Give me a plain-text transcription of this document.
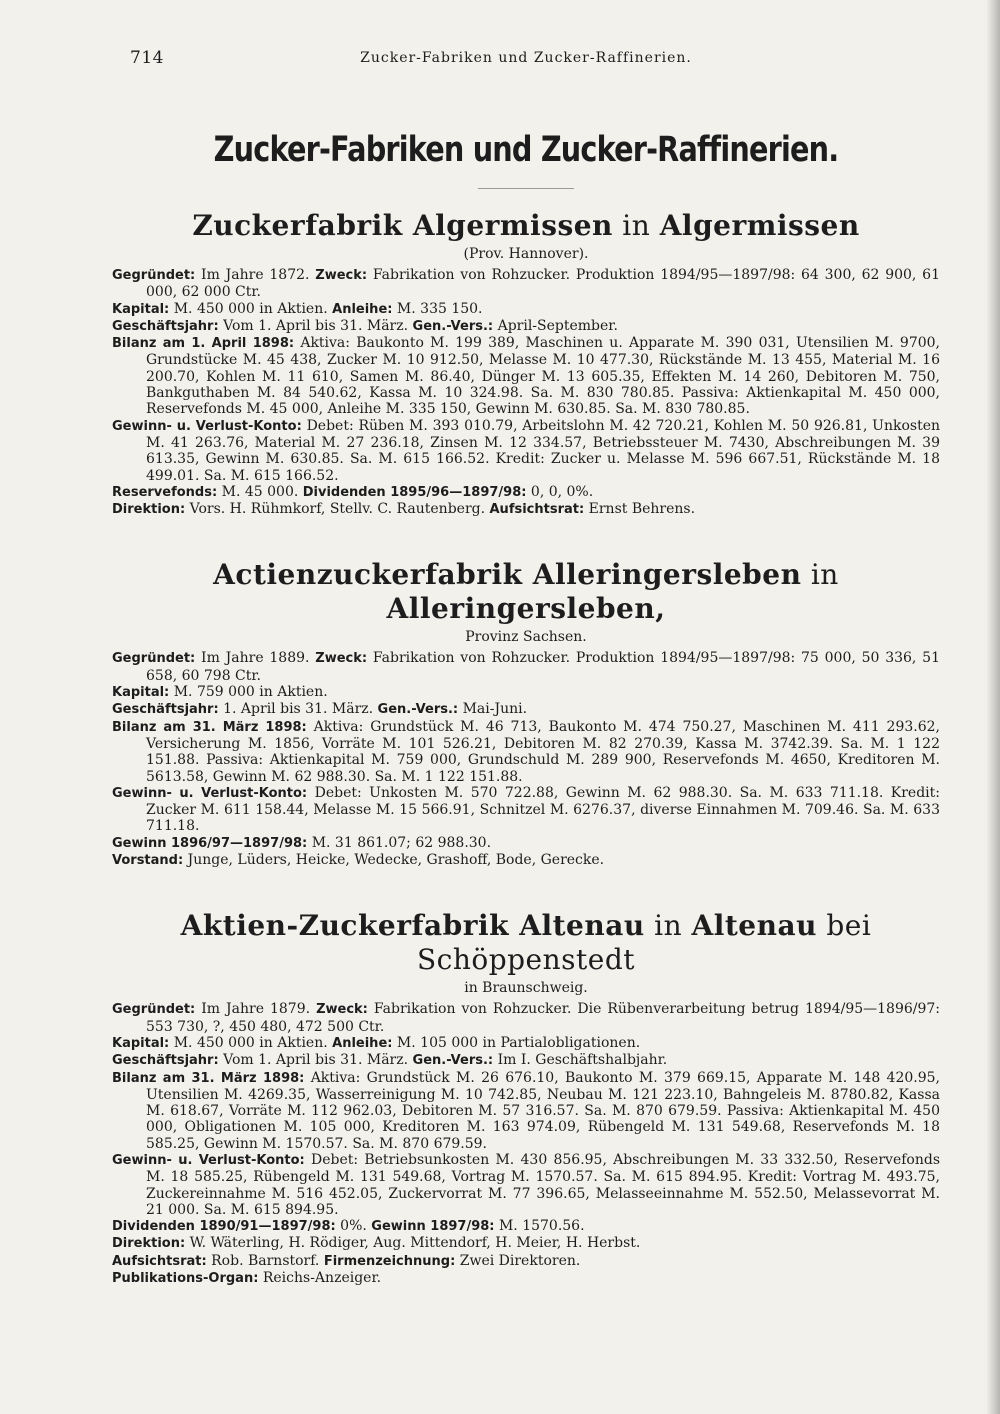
714	Zucker-Fabriken und Zucker-Raffinerien.
Zucker-Fabriken und Zucker-Raffinerien.
Zuckerfabrik Algermissen in Algermissen
(Prov. Hannover).

Gegründet: Im Jahre 1872. Zweck: Fabrikation von Rohzucker. Produktion 1894/95—1897/98: 64 300, 62 900, 61 000, 62 000 Ctr.

Kapital: M. 450 000 in Aktien. Anleihe: M. 335 150.

Geschäftsjahr: Vom 1. April bis 31. März. Gen.-Vers.: April-September.

Bilanz am 1. April 1898: Aktiva: Baukonto M. 199 389, Maschinen u. Apparate M. 390 031, Utensilien M. 9700, Grundstücke M. 45 438, Zucker M. 10 912.50, Melasse M. 10 477.30, Rückstände M. 13 455, Material M. 16 200.70, Kohlen M. 11 610, Samen M. 86.40, Dünger M. 13 605.35, Effekten M. 14 260, Debitoren M. 750, Bankguthaben M. 84 540.62, Kassa M. 10 324.98. Sa. M. 830 780.85. Passiva: Aktienkapital M. 450 000, Reservefonds M. 45 000, Anleihe M. 335 150, Gewinn M. 630.85. Sa. M. 830 780.85.

Gewinn- u. Verlust-Konto: Debet: Rüben M. 393 010.79, Arbeitslohn M. 42 720.21, Kohlen M. 50 926.81, Unkosten M. 41 263.76, Material M. 27 236.18, Zinsen M. 12 334.57, Betriebssteuer M. 7430, Abschreibungen M. 39 613.35, Gewinn M. 630.85. Sa. M. 615 166.52. Kredit: Zucker u. Melasse M. 596 667.51, Rückstände M. 18 499.01. Sa. M. 615 166.52.

Reservefonds: M. 45 000. Dividenden 1895/96—1897/98: 0, 0, 0%.

Direktion: Vors. H. Rühmkorf, Stellv. C. Rautenberg. Aufsichtsrat: Ernst Behrens.

Actienzuckerfabrik Alleringersleben in Alleringersleben,
Provinz Sachsen.

Gegründet: Im Jahre 1889. Zweck: Fabrikation von Rohzucker. Produktion 1894/95—1897/98: 75 000, 50 336, 51 658, 60 798 Ctr.

Kapital: M. 759 000 in Aktien.

Geschäftsjahr: 1. April bis 31. März. Gen.-Vers.: Mai-Juni.

Bilanz am 31. März 1898: Aktiva: Grundstück M. 46 713, Baukonto M. 474 750.27, Maschinen M. 411 293.62, Versicherung M. 1856, Vorräte M. 101 526.21, Debitoren M. 82 270.39, Kassa M. 3742.39. Sa. M. 1 122 151.88. Passiva: Aktienkapital M. 759 000, Grundschuld M. 289 900, Reservefonds M. 4650, Kreditoren M. 5613.58, Gewinn M. 62 988.30. Sa. M. 1 122 151.88.

Gewinn- u. Verlust-Konto: Debet: Unkosten M. 570 722.88, Gewinn M. 62 988.30. Sa. M. 633 711.18. Kredit: Zucker M. 611 158.44, Melasse M. 15 566.91, Schnitzel M. 6276.37, diverse Einnahmen M. 709.46. Sa. M. 633 711.18.

Gewinn 1896/97—1897/98: M. 31 861.07; 62 988.30.

Vorstand: Junge, Lüders, Heicke, Wedecke, Grashoff, Bode, Gerecke.

Aktien-Zuckerfabrik Altenau in Altenau bei Schöppenstedt
in Braunschweig.

Gegründet: Im Jahre 1879. Zweck: Fabrikation von Rohzucker. Die Rübenverarbeitung betrug 1894/95—1896/97: 553 730, ?, 450 480, 472 500 Ctr.

Kapital: M. 450 000 in Aktien. Anleihe: M. 105 000 in Partialobligationen.

Geschäftsjahr: Vom 1. April bis 31. März. Gen.-Vers.: Im I. Geschäftshalbjahr.

Bilanz am 31. März 1898: Aktiva: Grundstück M. 26 676.10, Baukonto M. 379 669.15, Apparate M. 148 420.95, Utensilien M. 4269.35, Wasserreinigung M. 10 742.85, Neubau M. 121 223.10, Bahngeleis M. 8780.82, Kassa M. 618.67, Vorräte M. 112 962.03, Debitoren M. 57 316.57. Sa. M. 870 679.59. Passiva: Aktienkapital M. 450 000, Obligationen M. 105 000, Kreditoren M. 163 974.09, Rübengeld M. 131 549.68, Reservefonds M. 18 585.25, Gewinn M. 1570.57. Sa. M. 870 679.59.

Gewinn- u. Verlust-Konto: Debet: Betriebsunkosten M. 430 856.95, Abschreibungen M. 33 332.50, Reservefonds M. 18 585.25, Rübengeld M. 131 549.68, Vortrag M. 1570.57. Sa. M. 615 894.95. Kredit: Vortrag M. 493.75, Zuckereinnahme M. 516 452.05, Zuckervorrat M. 77 396.65, Melasseeinnahme M. 552.50, Melassevorrat M. 21 000. Sa. M. 615 894.95.

Dividenden 1890/91—1897/98: 0%. Gewinn 1897/98: M. 1570.56.

Direktion: W. Wäterling, H. Rödiger, Aug. Mittendorf, H. Meier, H. Herbst.

Aufsichtsrat: Rob. Barnstorf. Firmenzeichnung: Zwei Direktoren.

Publikations-Organ: Reichs-Anzeiger.
